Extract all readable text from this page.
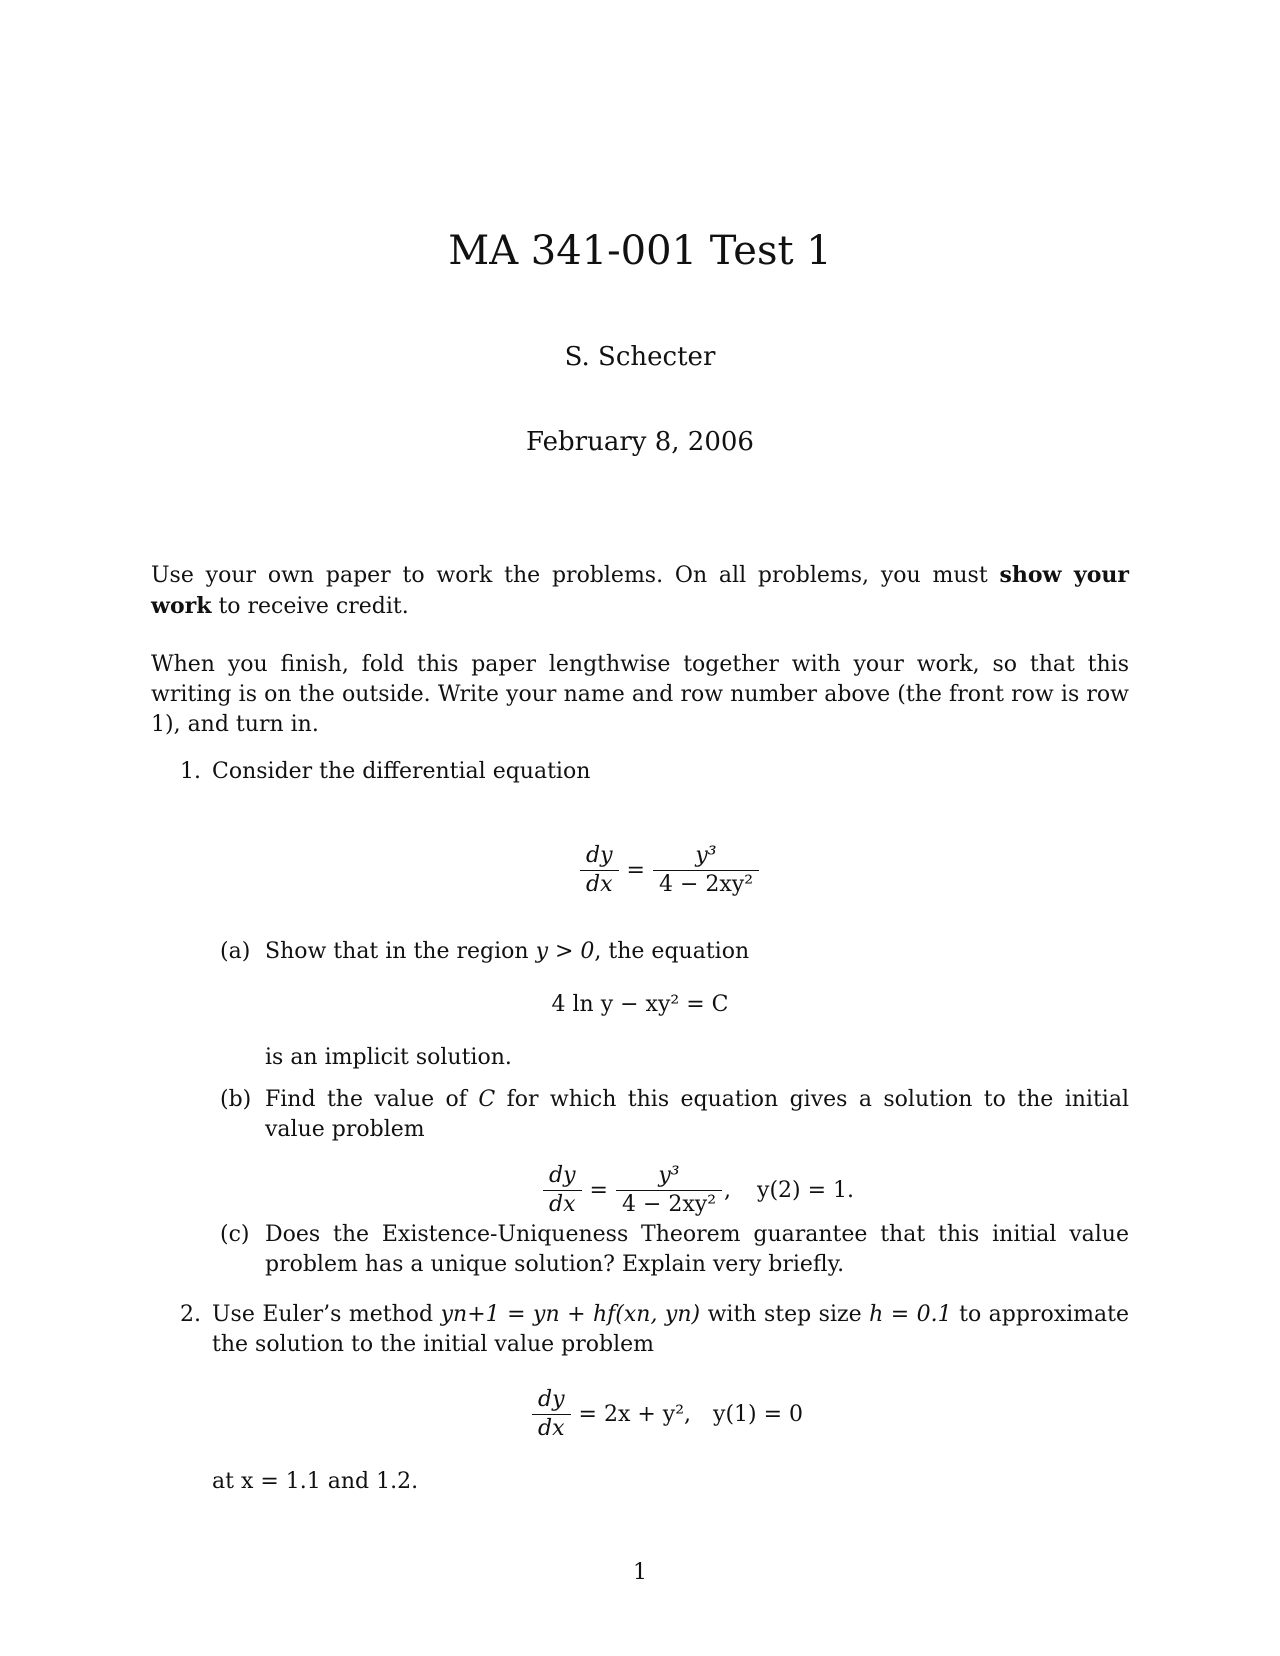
MA 341-001 Test 1
S. Schecter
February 8, 2006
Use your own paper to work the problems. On all problems, you must show your work to receive credit.
When you finish, fold this paper lengthwise together with your work, so that this writing is on the outside. Write your name and row number above (the front row is row 1), and turn in.
1. Consider the differential equation
$\frac{dy}{dx} = \frac{\text{y³}}{\text{4 − 2xy²}}$
(a) Show that in the region y > 0, the equation
4 ln y − xy² = C
is an implicit solution.
(b) Find the value of C for which this equation gives a solution to the initial value problem
$\frac{dy}{dx} = \frac{\text{y³}}{\text{4 − 2xy²}}$ , y(2) = 1.
(c) Does the Existence-Uniqueness Theorem guarantee that this initial value problem has a unique solution? Explain very briefly.
2. Use Euler’s method yn+1 = yn + hf(xn, yn) with step size h = 0.1 to approximate the solution to the initial value problem
$\frac{dy}{dx} = 2x + y^2$, y(1) = 0
at x = 1.1 and 1.2.
1
